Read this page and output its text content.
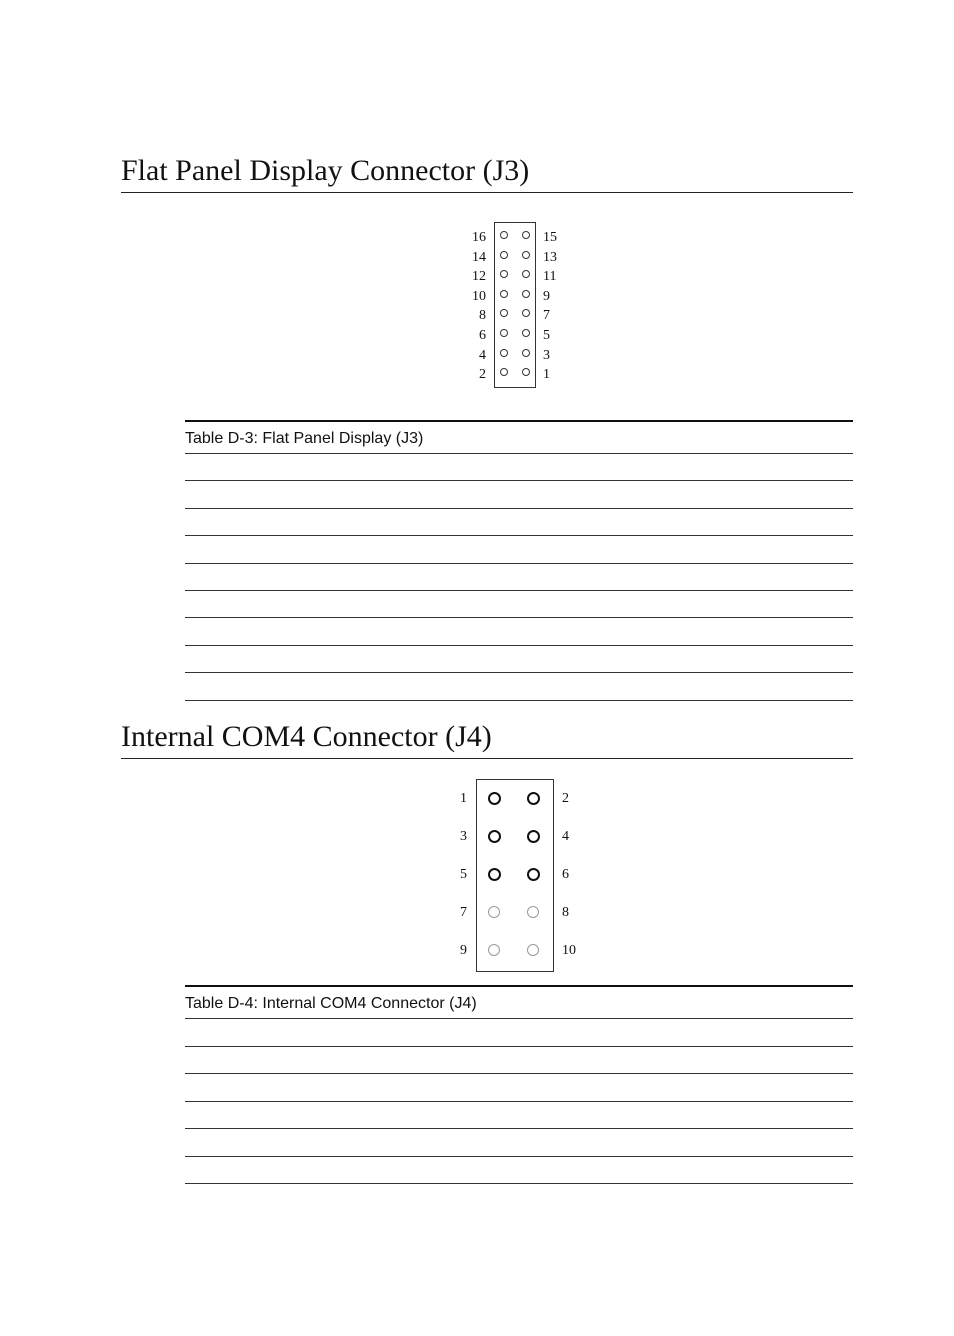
Flat Panel Display Connector (J3)
16	15
14	13
12	11
10	9
8	7
6	5
4	3
2	1
Table D-3: Flat Panel Display (J3)
Internal COM4 Connector (J4)
1	2
3	4
5	6
7	8
9	10
Table D-4: Internal COM4 Connector (J4)
